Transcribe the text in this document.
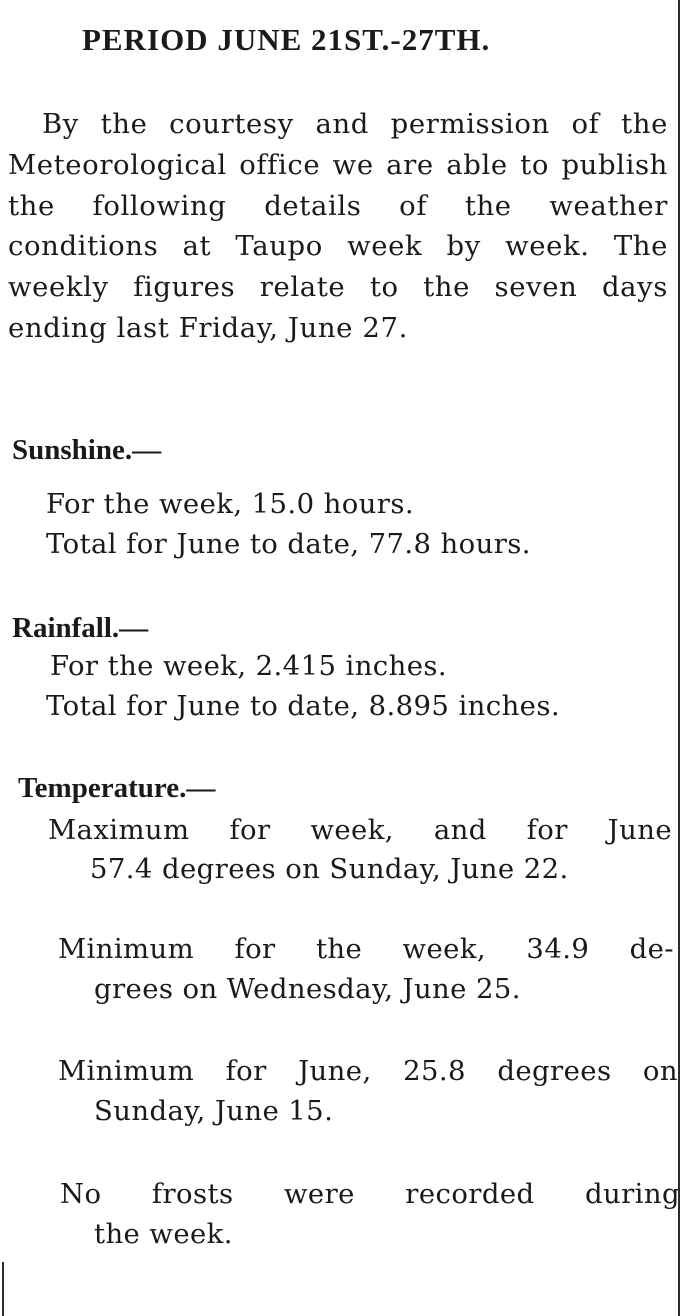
PERIOD JUNE 21ST.-27TH.

By the courtesy and permission of the Meteorological office we are able to publish the following details of the weather conditions at Taupo week by week. The weekly figures relate to the seven days ending last Friday, June 27.

Sunshine.—

For the week, 15.0 hours.

Total for June to date, 77.8 hours.

Rainfall.—

For the week, 2.415 inches.

Total for June to date, 8.895 inches.

Temperature.—

Maximum for week, and for June

57.4 degrees on Sunday, June 22.

Minimum for the week, 34.9 de-

grees on Wednesday, June 25.

Minimum for June, 25.8 degrees on

Sunday, June 15.

No frosts were recorded during

the week.
